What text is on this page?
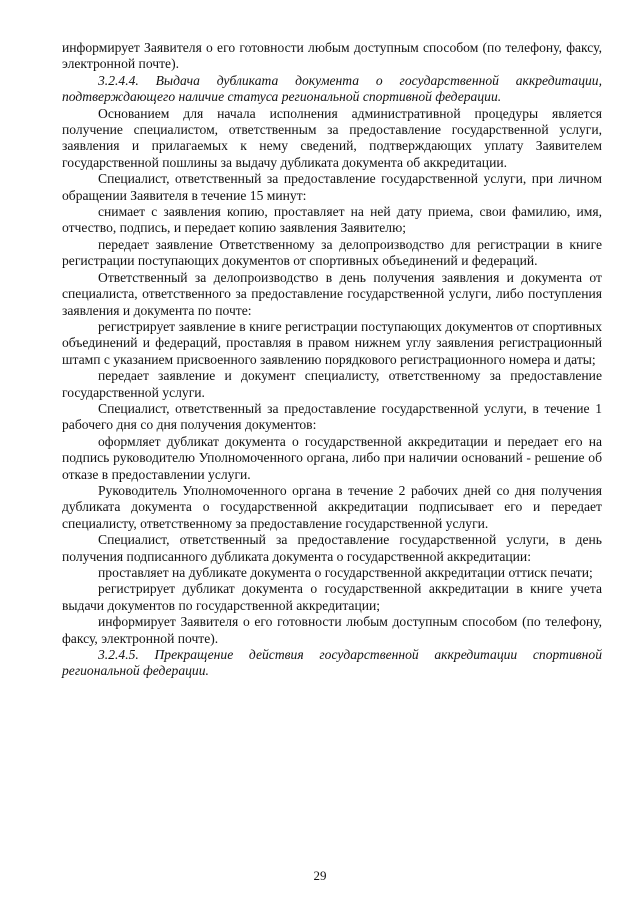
информирует Заявителя о его готовности любым доступным способом (по телефону, факсу, электронной почте).

3.2.4.4. Выдача дубликата документа о государственной аккредитации, подтверждающего наличие статуса региональной спортивной федерации.

Основанием для начала исполнения административной процедуры является получение специалистом, ответственным за предоставление государственной услуги, заявления и прилагаемых к нему сведений, подтверждающих уплату Заявителем государственной пошлины за выдачу дубликата документа об аккредитации.

Специалист, ответственный за предоставление государственной услуги, при личном обращении Заявителя в течение 15 минут:

снимает с заявления копию, проставляет на ней дату приема, свои фамилию, имя, отчество, подпись, и передает копию заявления Заявителю;

передает заявление Ответственному за делопроизводство для регистрации в книге регистрации поступающих документов от спортивных объединений и федераций.

Ответственный за делопроизводство в день получения заявления и документа от специалиста, ответственного за предоставление государственной услуги, либо поступления заявления и документа по почте:

регистрирует заявление в книге регистрации поступающих документов от спортивных объединений и федераций, проставляя в правом нижнем углу заявления регистрационный штамп с указанием присвоенного заявлению порядкового регистрационного номера и даты;

передает заявление и документ специалисту, ответственному за предоставление государственной услуги.

Специалист, ответственный за предоставление государственной услуги, в течение 1 рабочего дня со дня получения документов:

оформляет дубликат документа о государственной аккредитации и передает его на подпись руководителю Уполномоченного органа, либо при наличии оснований - решение об отказе в предоставлении услуги.

Руководитель Уполномоченного органа в течение 2 рабочих дней со дня получения дубликата документа о государственной аккредитации подписывает его и передает специалисту, ответственному за предоставление государственной услуги.

Специалист, ответственный за предоставление государственной услуги, в день получения подписанного дубликата документа о государственной аккредитации:

проставляет на дубликате документа о государственной аккредитации оттиск печати;

регистрирует дубликат документа о государственной аккредитации в книге учета выдачи документов по государственной аккредитации;

информирует Заявителя о его готовности любым доступным способом (по телефону, факсу, электронной почте).

3.2.4.5. Прекращение действия государственной аккредитации спортивной региональной федерации.

29
